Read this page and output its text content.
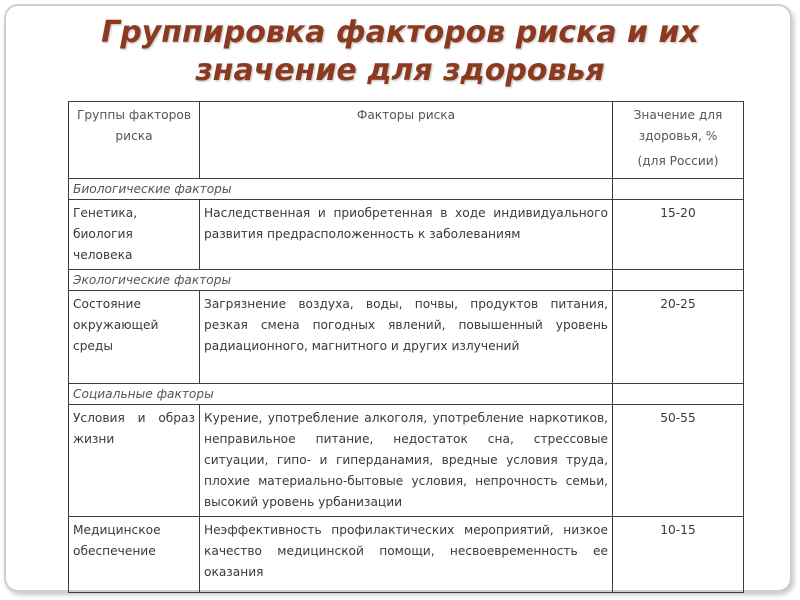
Группировка факторов риска и их
значение для здоровья
Группы факторов риска	Факторы риска	Значение для здоровья, %
(для России)

Биологические факторы		
Генетика, биология человека	Наследственная и приобретенная в ходе индивидуального развития предрасположенность к заболеваниям	15-20
Экологические факторы		
Состояние окружающей среды	Загрязнение воздуха, воды, почвы, продуктов питания, резкая смена погодных явлений, повышенный уровень радиационного, магнитного и других излучений	20-25
Социальные факторы		
Условия и образ жизни	Курение, употребление алкоголя, употребление наркотиков, неправильное питание, недостаток сна, стрессовые ситуации, гипо- и гиперданамия, вредные условия труда, плохие материально-бытовые условия, непрочность семьи, высокий уровень урбанизации	50-55
Медицинское обеспечение	Неэффективность профилактических мероприятий, низкое качество медицинской помощи, несвоевременность ее оказания	10-15
